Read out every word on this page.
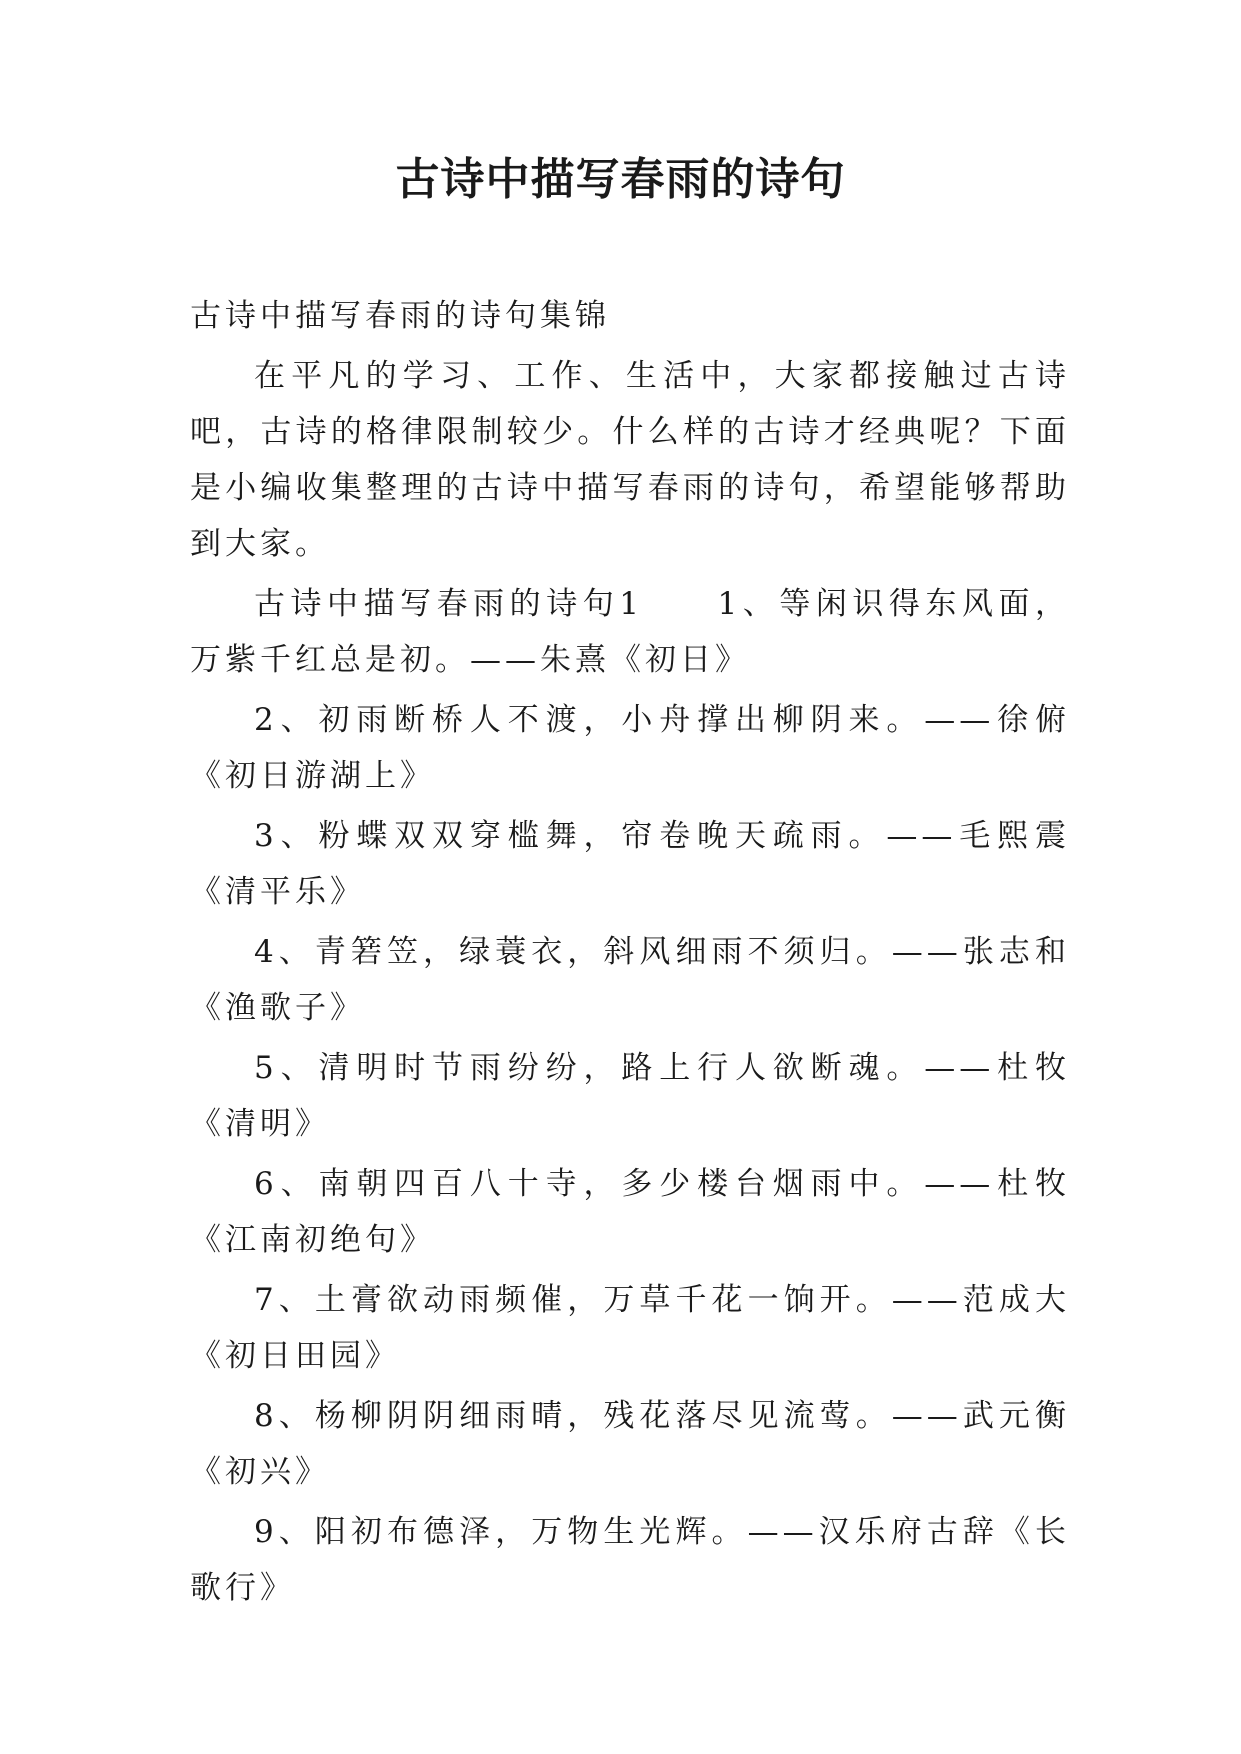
古诗中描写春雨的诗句

古诗中描写春雨的诗句集锦

在平凡的学习、工作、生活中，大家都接触过古诗吧，古诗的格律限制较少。什么样的古诗才经典呢？下面是小编收集整理的古诗中描写春雨的诗句，希望能够帮助到大家。

古诗中描写春雨的诗句1　　1、等闲识得东风面，万紫千红总是初。——朱熹《初日》

2、初雨断桥人不渡，小舟撑出柳阴来。——徐俯《初日游湖上》

3、粉蝶双双穿槛舞，帘卷晚天疏雨。——毛熙震《清平乐》

4、青箬笠，绿蓑衣，斜风细雨不须归。——张志和《渔歌子》

5、清明时节雨纷纷，路上行人欲断魂。——杜牧《清明》

6、南朝四百八十寺，多少楼台烟雨中。——杜牧《江南初绝句》

7、土膏欲动雨频催，万草千花一饷开。——范成大《初日田园》

8、杨柳阴阴细雨晴，残花落尽见流莺。——武元衡《初兴》

9、阳初布德泽，万物生光辉。——汉乐府古辞《长歌行》
